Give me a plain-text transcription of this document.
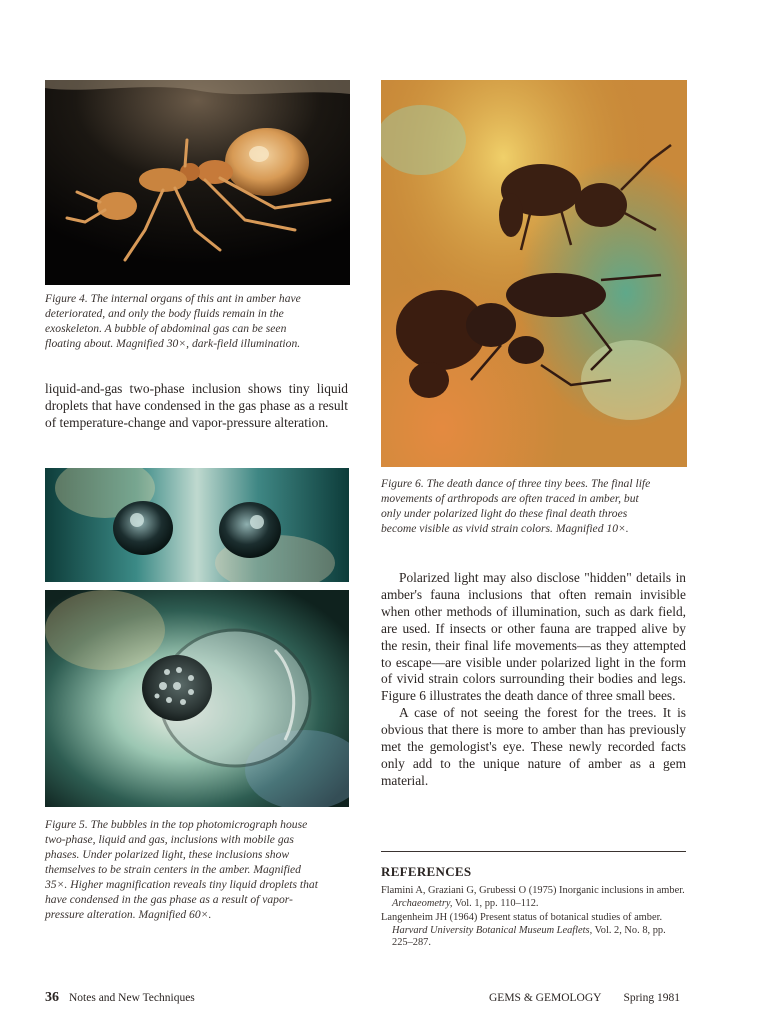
Figure 4. The internal organs of this ant in amber have deteriorated, and only the body fluids remain in the exoskeleton. A bubble of abdominal gas can be seen floating about. Magnified 30×, dark-field illumination.

liquid-and-gas two-phase inclusion shows tiny liquid droplets that have condensed in the gas phase as a result of temperature-change and vapor-pressure alteration.

Figure 5. The bubbles in the top photomicrograph house two-phase, liquid and gas, inclusions with mobile gas phases. Under polarized light, these inclusions show themselves to be strain centers in the amber. Magnified 35×. Higher magnification reveals tiny liquid droplets that have condensed in the gas phase as a result of vapor-pressure alteration. Magnified 60×.

Figure 6. The death dance of three tiny bees. The final life movements of arthropods are often traced in amber, but only under polarized light do these final death throes become visible as vivid strain colors. Magnified 10×.

Polarized light may also disclose "hidden" details in amber's fauna inclusions that often remain invisible when other methods of illumination, such as dark field, are used. If insects or other fauna are trapped alive by the resin, their final life movements—as they attempted to escape—are visible under polarized light in the form of vivid strain colors surrounding their bodies and legs. Figure 6 illustrates the death dance of three small bees.

A case of not seeing the forest for the trees. It is obvious that there is more to amber than has previously met the gemologist's eye. These newly recorded facts only add to the unique nature of amber as a gem material.

REFERENCES

Flamini A, Graziani G, Grubessi O (1975) Inorganic inclusions in amber. Archaeometry, Vol. 1, pp. 110–112.

Langenheim JH (1964) Present status of botanical studies of amber. Harvard University Botanical Museum Leaflets, Vol. 2, No. 8, pp. 225–287.

36 Notes and New Techniques	GEMS & GEMOLOGY Spring 1981
